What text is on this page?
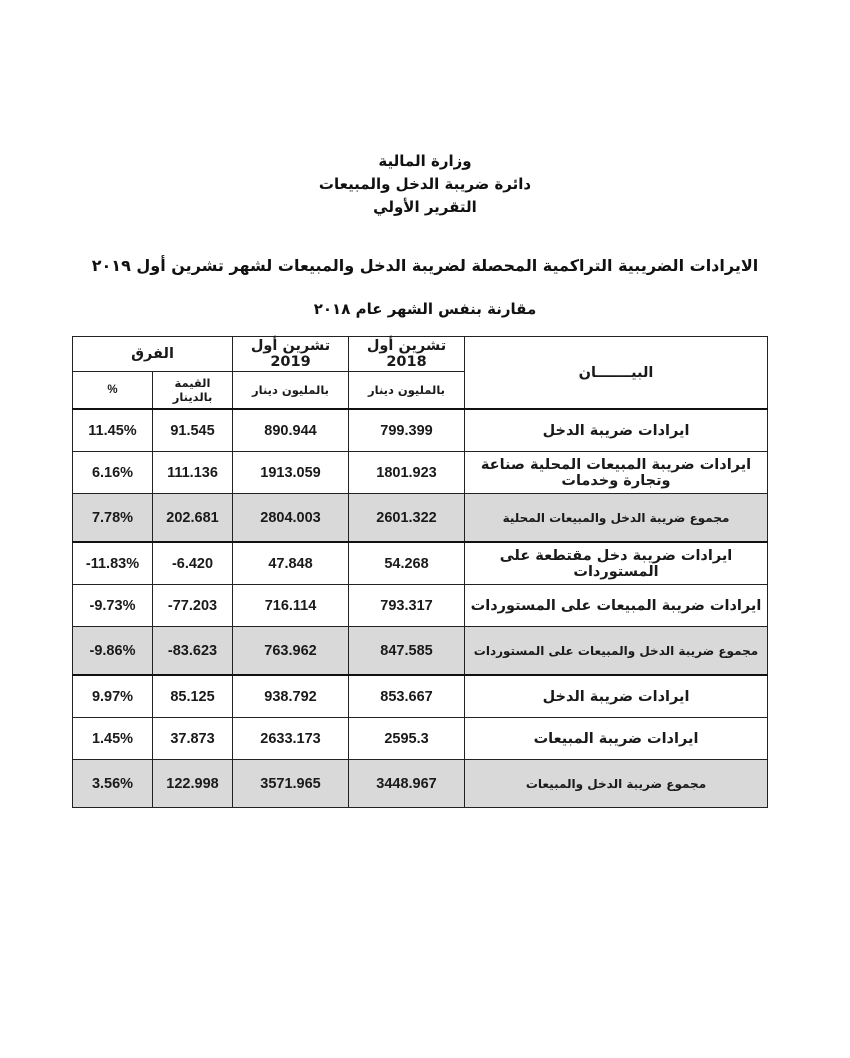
وزارة المالية
دائرة ضريبة الدخل والمبيعات
التقرير الأولي
الايرادات الضريبية التراكمية المحصلة لضريبة الدخل والمبيعات لشهر تشرين أول ٢٠١٩
مقارنة بنفس الشهر عام ٢٠١٨
الفرق		تشرين أول 2019	تشرين أول 2018	البيـــــــان
%	القيمة بالدينار	بالمليون دينار	بالمليون دينار	
11.45%	91.545	890.944	799.399	ايرادات ضريبة الدخل
6.16%	111.136	1913.059	1801.923	ايرادات ضريبة المبيعات المحلية صناعة وتجارة وخدمات
7.78%	202.681	2804.003	2601.322	مجموع ضريبة الدخل والمبيعات المحلية
-11.83%	-6.420	47.848	54.268	ايرادات ضريبة دخل مقتطعة على المستوردات
-9.73%	-77.203	716.114	793.317	ايرادات ضريبة المبيعات على المستوردات
-9.86%	-83.623	763.962	847.585	مجموع ضريبة الدخل والمبيعات على المستوردات
9.97%	85.125	938.792	853.667	ايرادات ضريبة الدخل
1.45%	37.873	2633.173	2595.3	ايرادات ضريبة المبيعات
3.56%	122.998	3571.965	3448.967	مجموع ضريبة الدخل والمبيعات
